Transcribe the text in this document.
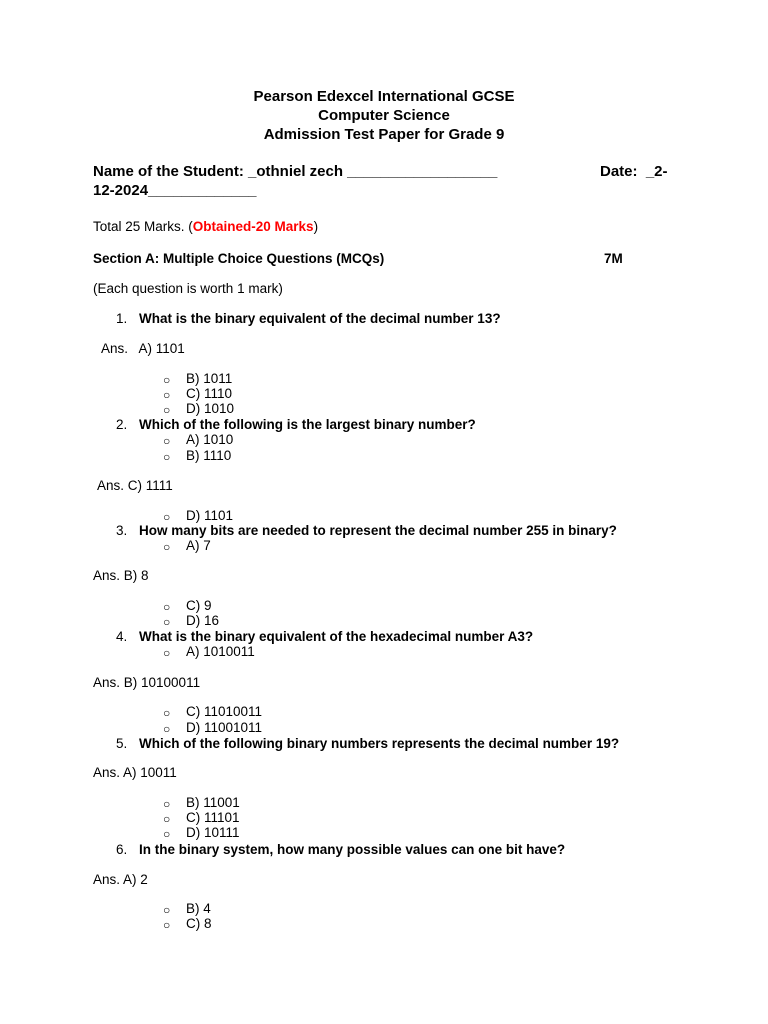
Pearson Edexcel International GCSE
Computer Science
Admission Test Paper for Grade 9
Name of the Student: _othniel zech __________________	Date:  _2-
12-2024_____________
Total 25 Marks. (Obtained-20 Marks)
Section A: Multiple Choice Questions (MCQs)	7M
(Each question is worth 1 mark)
1. What is the binary equivalent of the decimal number 13?
Ans.   A) 1101
○ B) 1011
○ C) 1110
○ D) 1010
2. Which of the following is the largest binary number?
○ A) 1010
○ B) 1110
Ans. C) 1111
○ D) 1101
3. How many bits are needed to represent the decimal number 255 in binary?
○ A) 7
Ans. B) 8
○ C) 9
○ D) 16
4. What is the binary equivalent of the hexadecimal number A3?
○ A) 1010011
Ans. B) 10100011
○ C) 11010011
○ D) 11001011
5. Which of the following binary numbers represents the decimal number 19?
Ans. A) 10011
○ B) 11001
○ C) 11101
○ D) 10111
6. In the binary system, how many possible values can one bit have?
Ans. A) 2
○ B) 4
○ C) 8
